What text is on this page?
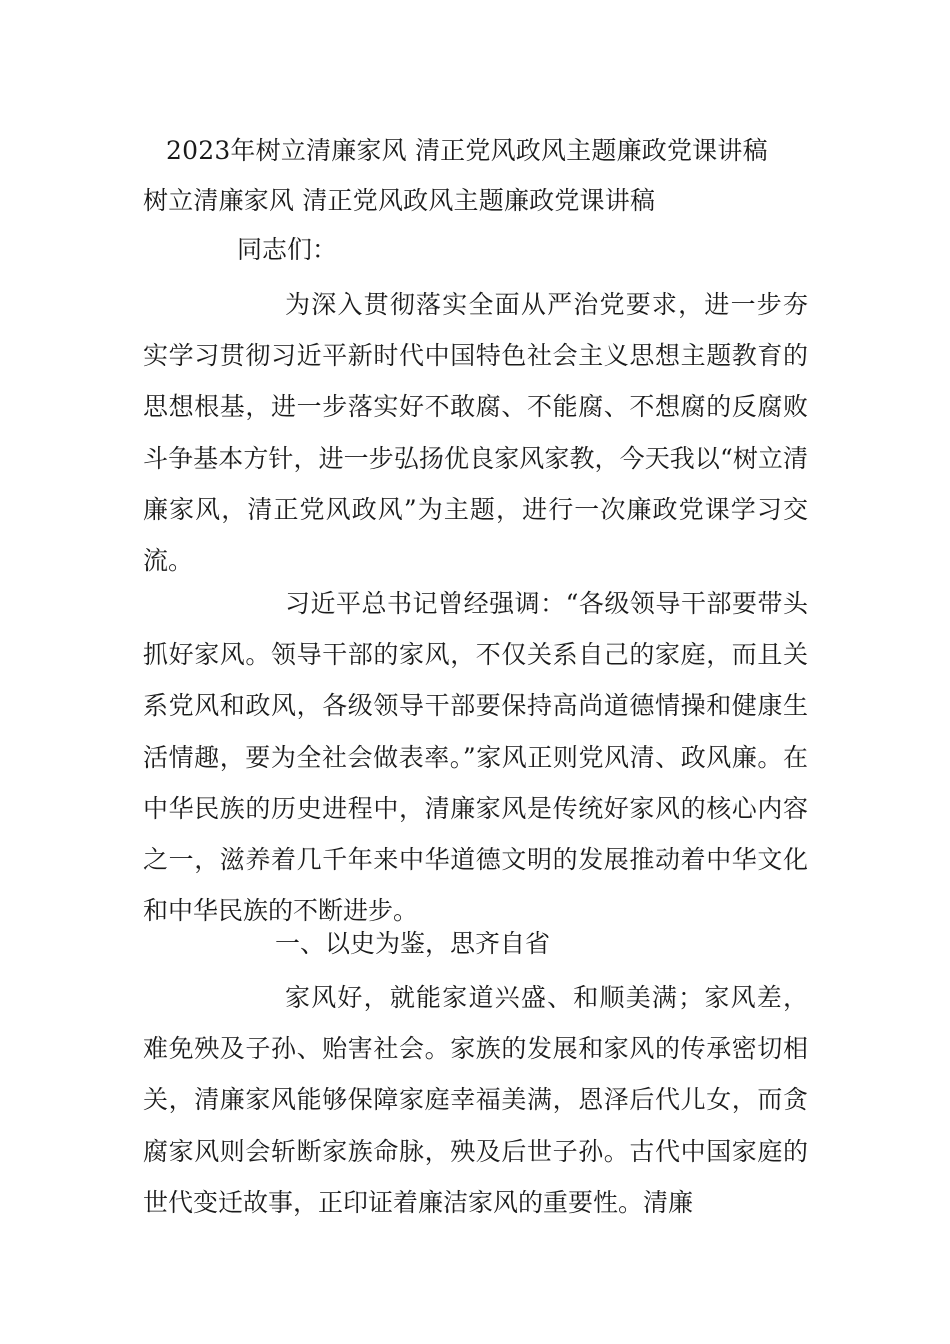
2023年树立清廉家风 清正党风政风主题廉政党课讲稿
树立清廉家风 清正党风政风主题廉政党课讲稿
同志们：
为深入贯彻落实全面从严治党要求，进一步夯实学习贯彻习近平新时代中国特色社会主义思想主题教育的思想根基，进一步落实好不敢腐、不能腐、不想腐的反腐败斗争基本方针，进一步弘扬优良家风家教，今天我以“树立清廉家风，清正党风政风”为主题，进行一次廉政党课学习交流。
习近平总书记曾经强调：“各级领导干部要带头抓好家风。领导干部的家风，不仅关系自己的家庭，而且关系党风和政风，各级领导干部要保持高尚道德情操和健康生活情趣，要为全社会做表率。”家风正则党风清、政风廉。在中华民族的历史进程中，清廉家风是传统好家风的核心内容之一，滋养着几千年来中华道德文明的发展推动着中华文化和中华民族的不断进步。
一、以史为鉴，思齐自省
家风好，就能家道兴盛、和顺美满；家风差，难免殃及子孙、贻害社会。家族的发展和家风的传承密切相关，清廉家风能够保障家庭幸福美满，恩泽后代儿女，而贪腐家风则会斩断家族命脉，殃及后世子孙。古代中国家庭的世代变迁故事，正印证着廉洁家风的重要性。清廉
